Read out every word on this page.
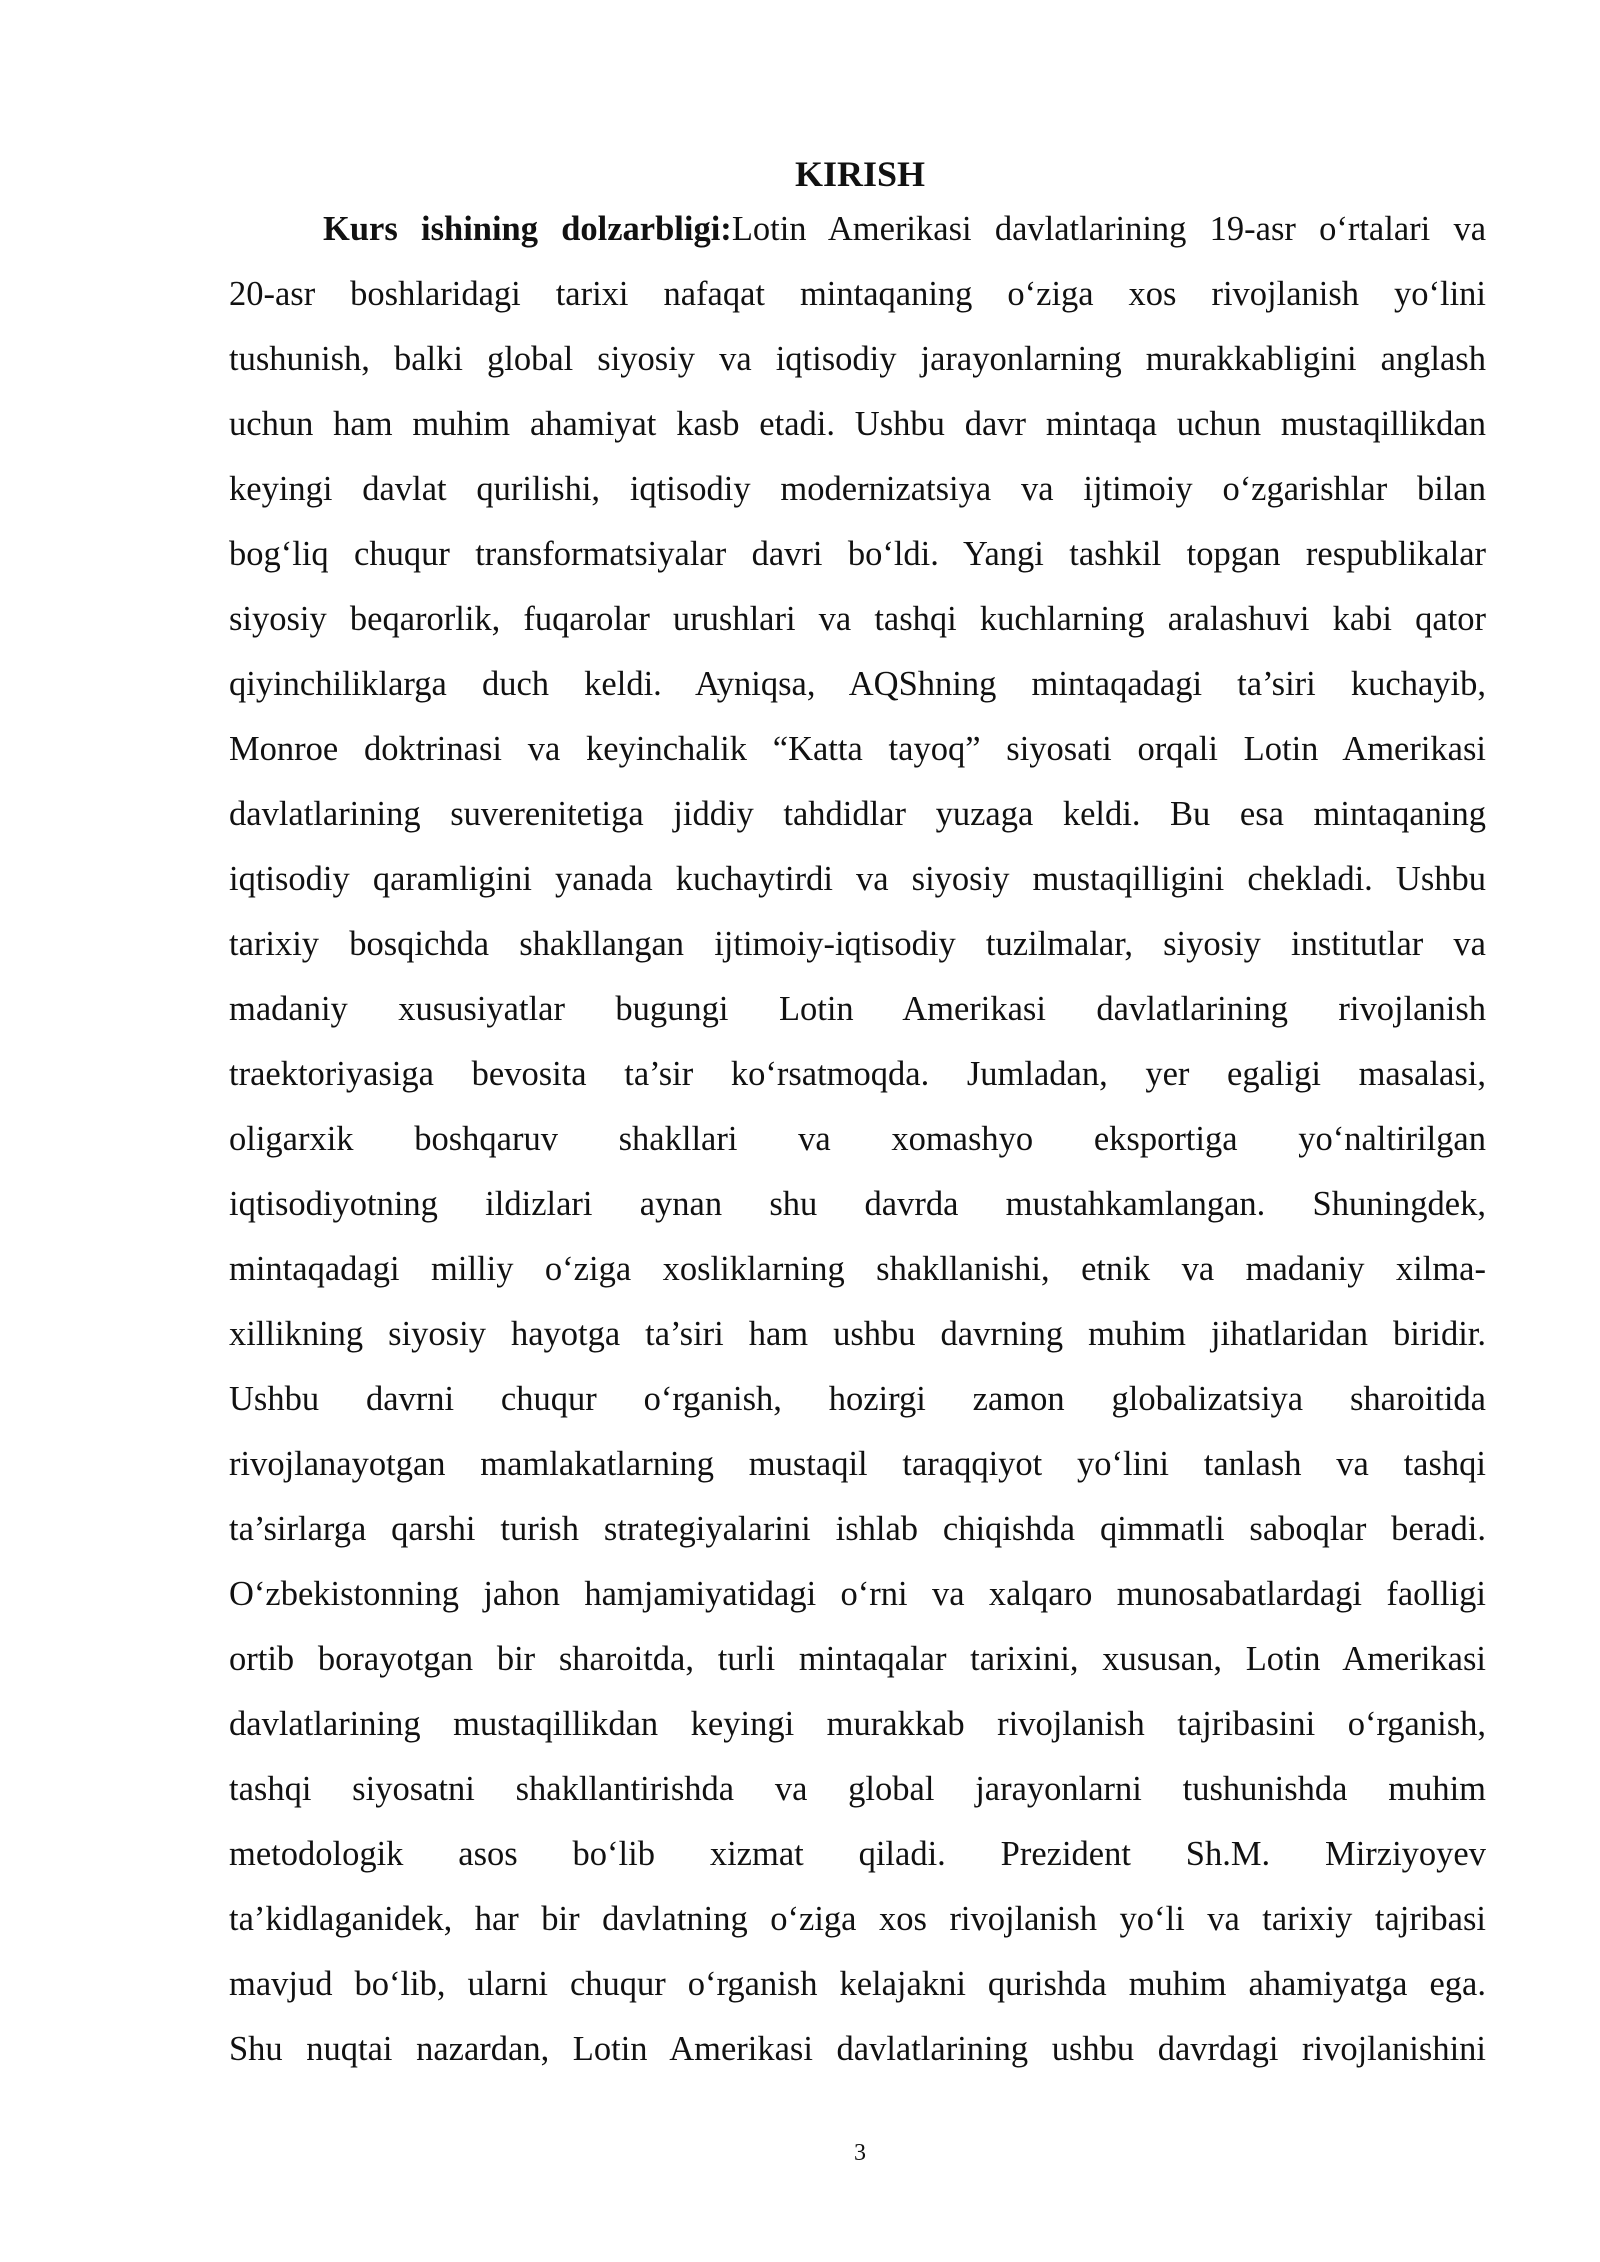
KIRISH
Kurs ishining dolzarbligi:Lotin Amerikasi davlatlarining 19-asr o‘rtalari va
20-asr boshlaridagi tarixi nafaqat mintaqaning o‘ziga xos rivojlanish yo‘lini
tushunish, balki global siyosiy va iqtisodiy jarayonlarning murakkabligini anglash
uchun ham muhim ahamiyat kasb etadi. Ushbu davr mintaqa uchun mustaqillikdan
keyingi davlat qurilishi, iqtisodiy modernizatsiya va ijtimoiy o‘zgarishlar bilan
bog‘liq chuqur transformatsiyalar davri bo‘ldi. Yangi tashkil topgan respublikalar
siyosiy beqarorlik, fuqarolar urushlari va tashqi kuchlarning aralashuvi kabi qator
qiyinchiliklarga duch keldi. Ayniqsa, AQShning mintaqadagi ta’siri kuchayib,
Monroe doktrinasi va keyinchalik “Katta tayoq” siyosati orqali Lotin Amerikasi
davlatlarining suverenitetiga jiddiy tahdidlar yuzaga keldi. Bu esa mintaqaning
iqtisodiy qaramligini yanada kuchaytirdi va siyosiy mustaqilligini chekladi. Ushbu
tarixiy bosqichda shakllangan ijtimoiy-iqtisodiy tuzilmalar, siyosiy institutlar va
madaniy xususiyatlar bugungi Lotin Amerikasi davlatlarining rivojlanish
traektoriyasiga bevosita ta’sir ko‘rsatmoqda. Jumladan, yer egaligi masalasi,
oligarxik boshqaruv shakllari va xomashyo eksportiga yo‘naltirilgan
iqtisodiyotning ildizlari aynan shu davrda mustahkamlangan. Shuningdek,
mintaqadagi milliy o‘ziga xosliklarning shakllanishi, etnik va madaniy xilma-
xillikning siyosiy hayotga ta’siri ham ushbu davrning muhim jihatlaridan biridir.
Ushbu davrni chuqur o‘rganish, hozirgi zamon globalizatsiya sharoitida
rivojlanayotgan mamlakatlarning mustaqil taraqqiyot yo‘lini tanlash va tashqi
ta’sirlarga qarshi turish strategiyalarini ishlab chiqishda qimmatli saboqlar beradi.
O‘zbekistonning jahon hamjamiyatidagi o‘rni va xalqaro munosabatlardagi faolligi
ortib borayotgan bir sharoitda, turli mintaqalar tarixini, xususan, Lotin Amerikasi
davlatlarining mustaqillikdan keyingi murakkab rivojlanish tajribasini o‘rganish,
tashqi siyosatni shakllantirishda va global jarayonlarni tushunishda muhim
metodologik asos bo‘lib xizmat qiladi. Prezident Sh.M. Mirziyoyev
ta’kidlaganidek, har bir davlatning o‘ziga xos rivojlanish yo‘li va tarixiy tajribasi
mavjud bo‘lib, ularni chuqur o‘rganish kelajakni qurishda muhim ahamiyatga ega.
Shu nuqtai nazardan, Lotin Amerikasi davlatlarining ushbu davrdagi rivojlanishini
3
